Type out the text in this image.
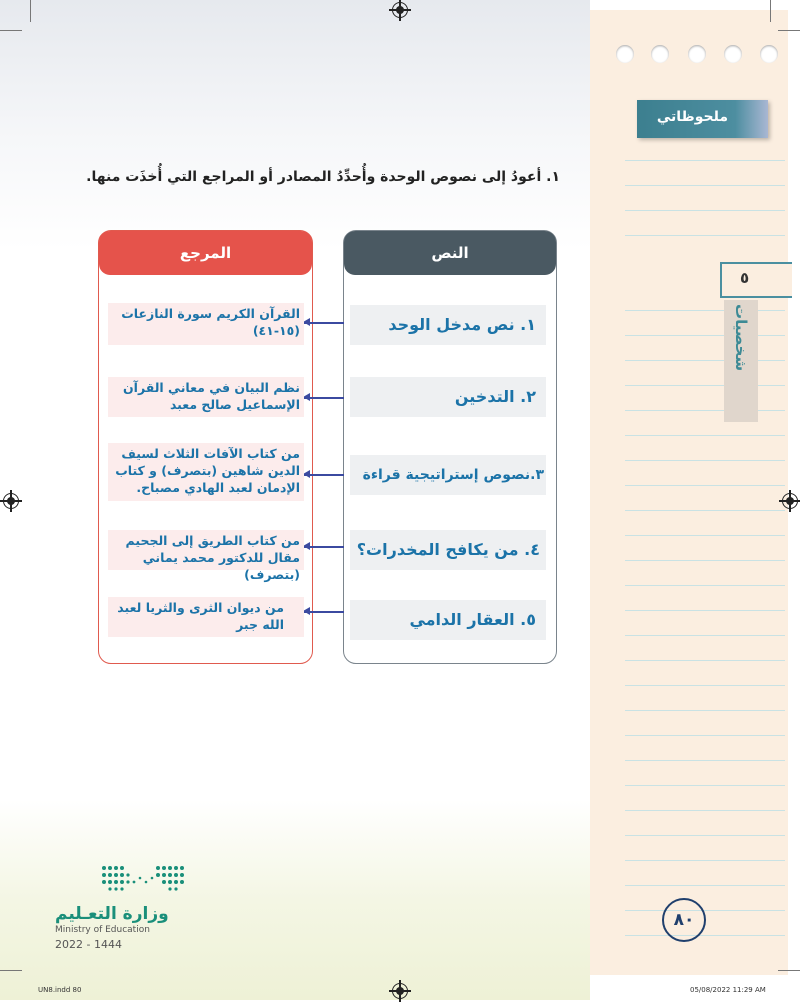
ملحوظاتي
٥
شخصيات
١. أعودُ إلى نصوص الوحدة وأُحدِّدُ المصادر أو المراجع التي أُخذَت منها.
النص
المرجع
١. نص مدخل الوحد
القرآن الكريم سورة النازعات (١٥-٤١)
٢. التدخين
نظم البيان في معاني القرآن الإسماعيل صالح معبد
٣.نصوص إستراتيجية قراءة
من كتاب الآفات الثلاث لسيف الدين شاهين (بتصرف) و كتاب الإدمان لعبد الهادي مصباح.
٤. من يكافح المخدرات؟
من كتاب الطريق إلى الجحيم مقال للدكتور محمد يماني (بتصرف)
٥. العقار الدامي
من ديوان الثرى والثريا لعبد الله جبر
٨٠
وزارة التعـليم
Ministry of Education
2022 - 1444
UN8.indd 80	05/08/2022 11:29 AM
